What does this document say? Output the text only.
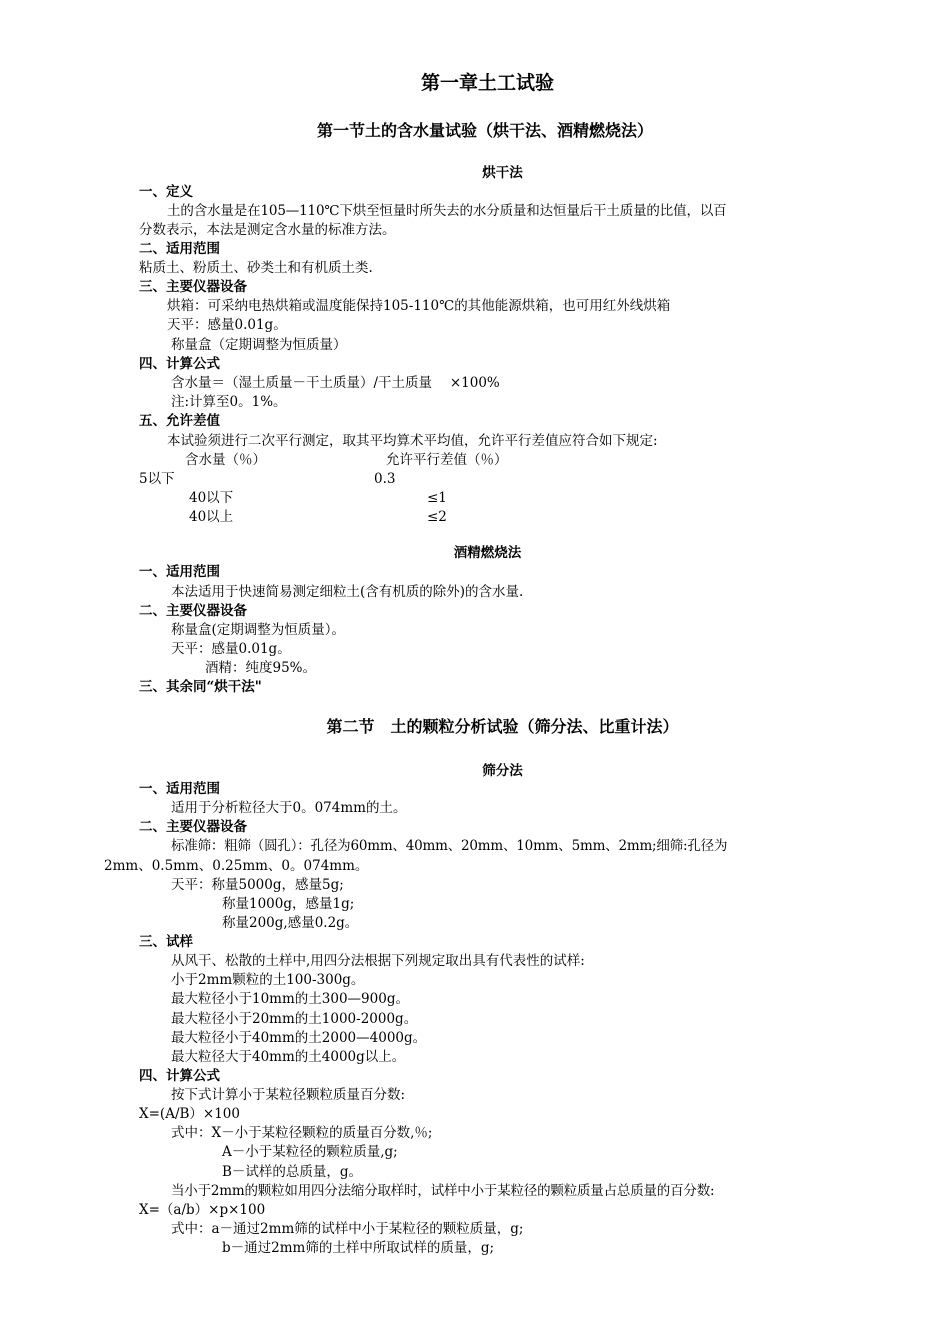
第一章土工试验
第一节土的含水量试验（烘干法、酒精燃烧法）
烘干法
一、定义
土的含水量是在105—110℃下烘至恒量时所失去的水分质量和达恒量后干土质量的比值，以百
分数表示，本法是测定含水量的标准方法。
二、适用范围
粘质土、粉质土、砂类土和有机质土类.
三、主要仪器设备
烘箱：可采纳电热烘箱或温度能保持105-110℃的其他能源烘箱，也可用红外线烘箱
天平：感量0.01g。
称量盒（定期调整为恒质量）
四、计算公式
含水量＝（湿土质量－干土质量）/干土质量　 ×100%
注:计算至0。1%。
五、允许差值
本试验须进行二次平行测定，取其平均算术平均值，允许平行差值应符合如下规定:
含水量（％）	允许平行差值（％）
5以下	0.3
40以下	≤1
40以上	≤2
酒精燃烧法
一、适用范围
本法适用于快速简易测定细粒土(含有机质的除外)的含水量.
二、主要仪器设备
称量盒(定期调整为恒质量）。
天平：感量0.01g。
酒精：纯度95%。
三、其余同“烘干法"
第二节　土的颗粒分析试验（筛分法、比重计法）
筛分法
一、适用范围
适用于分析粒径大于0。074mm的土。
二、主要仪器设备
标准筛：粗筛（圆孔）：孔径为60mm、40mm、20mm、10mm、5mm、2mm;细筛:孔径为
2mm、0.5mm、0.25mm、0。074mm。
天平：称量5000g，感量5g;
称量1000g，感量1g;
称量200g,感量0.2g。
三、试样
从风干、松散的土样中,用四分法根据下列规定取出具有代表性的试样:
小于2mm颗粒的土100-300g。
最大粒径小于10mm的土300—900g。
最大粒径小于20mm的土1000-2000g。
最大粒径小于40mm的土2000—4000g。
最大粒径大于40mm的土4000g以上。
四、计算公式
按下式计算小于某粒径颗粒质量百分数:
X=(A/B）×100
式中：X－小于某粒径颗粒的质量百分数,％;
A－小于某粒径的颗粒质量,g;
B－试样的总质量，g。
当小于2mm的颗粒如用四分法缩分取样时，试样中小于某粒径的颗粒质量占总质量的百分数:
X=（a/b）×p×100
式中：a－通过2mm筛的试样中小于某粒径的颗粒质量，g;
b－通过2mm筛的土样中所取试样的质量，g;
